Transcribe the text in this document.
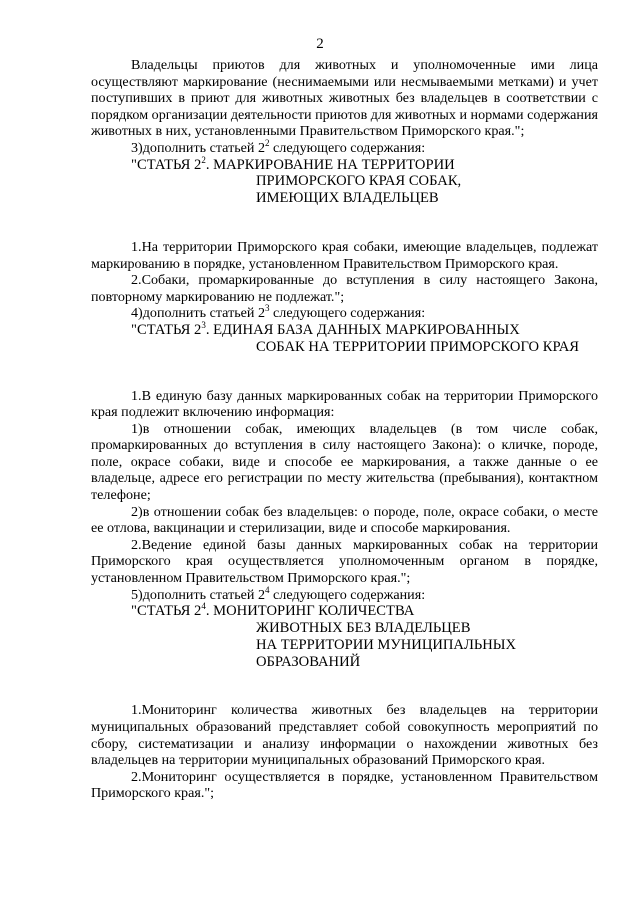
2

Владельцы приютов для животных и уполномоченные ими лица осуществляют маркирование (неснимаемыми или несмываемыми метками) и учет поступивших в приют для животных животных без владельцев в соответствии с порядком организации деятельности приютов для животных и нормами содержания животных в них, установленными Правительством Приморского края.";

3)дополнить статьей $2^2$ следующего содержания:

"СТАТЬЯ $2^2$. МАРКИРОВАНИЕ НА ТЕРРИТОРИИ
ПРИМОРСКОГО КРАЯ СОБАК,
ИМЕЮЩИХ ВЛАДЕЛЬЦЕВ

1.На территории Приморского края собаки, имеющие владельцев, подлежат маркированию в порядке, установленном Правительством Приморского края.

2.Собаки, промаркированные до вступления в силу настоящего Закона, повторному маркированию не подлежат.";

4)дополнить статьей $2^3$ следующего содержания:

"СТАТЬЯ $2^3$. ЕДИНАЯ БАЗА ДАННЫХ МАРКИРОВАННЫХ
СОБАК НА ТЕРРИТОРИИ ПРИМОРСКОГО КРАЯ

1.В единую базу данных маркированных собак на территории Приморского края подлежит включению информация:

1)в отношении собак, имеющих владельцев (в том числе собак, промаркированных до вступления в силу настоящего Закона): о кличке, породе, поле, окрасе собаки, виде и способе ее маркирования, а также данные о ее владельце, адресе его регистрации по месту жительства (пребывания), контактном телефоне;

2)в отношении собак без владельцев: о породе, поле, окрасе собаки, о месте ее отлова, вакцинации и стерилизации, виде и способе маркирования.

2.Ведение единой базы данных маркированных собак на территории Приморского края осуществляется уполномоченным органом в порядке, установленном Правительством Приморского края.";

5)дополнить статьей $2^4$ следующего содержания:

"СТАТЬЯ $2^4$. МОНИТОРИНГ КОЛИЧЕСТВА
ЖИВОТНЫХ БЕЗ ВЛАДЕЛЬЦЕВ
НА ТЕРРИТОРИИ МУНИЦИПАЛЬНЫХ
ОБРАЗОВАНИЙ

1.Мониторинг количества животных без владельцев на территории муниципальных образований представляет собой совокупность мероприятий по сбору, систематизации и анализу информации о нахождении животных без владельцев на территории муниципальных образований Приморского края.

2.Мониторинг осуществляется в порядке, установленном Правительством Приморского края.";
